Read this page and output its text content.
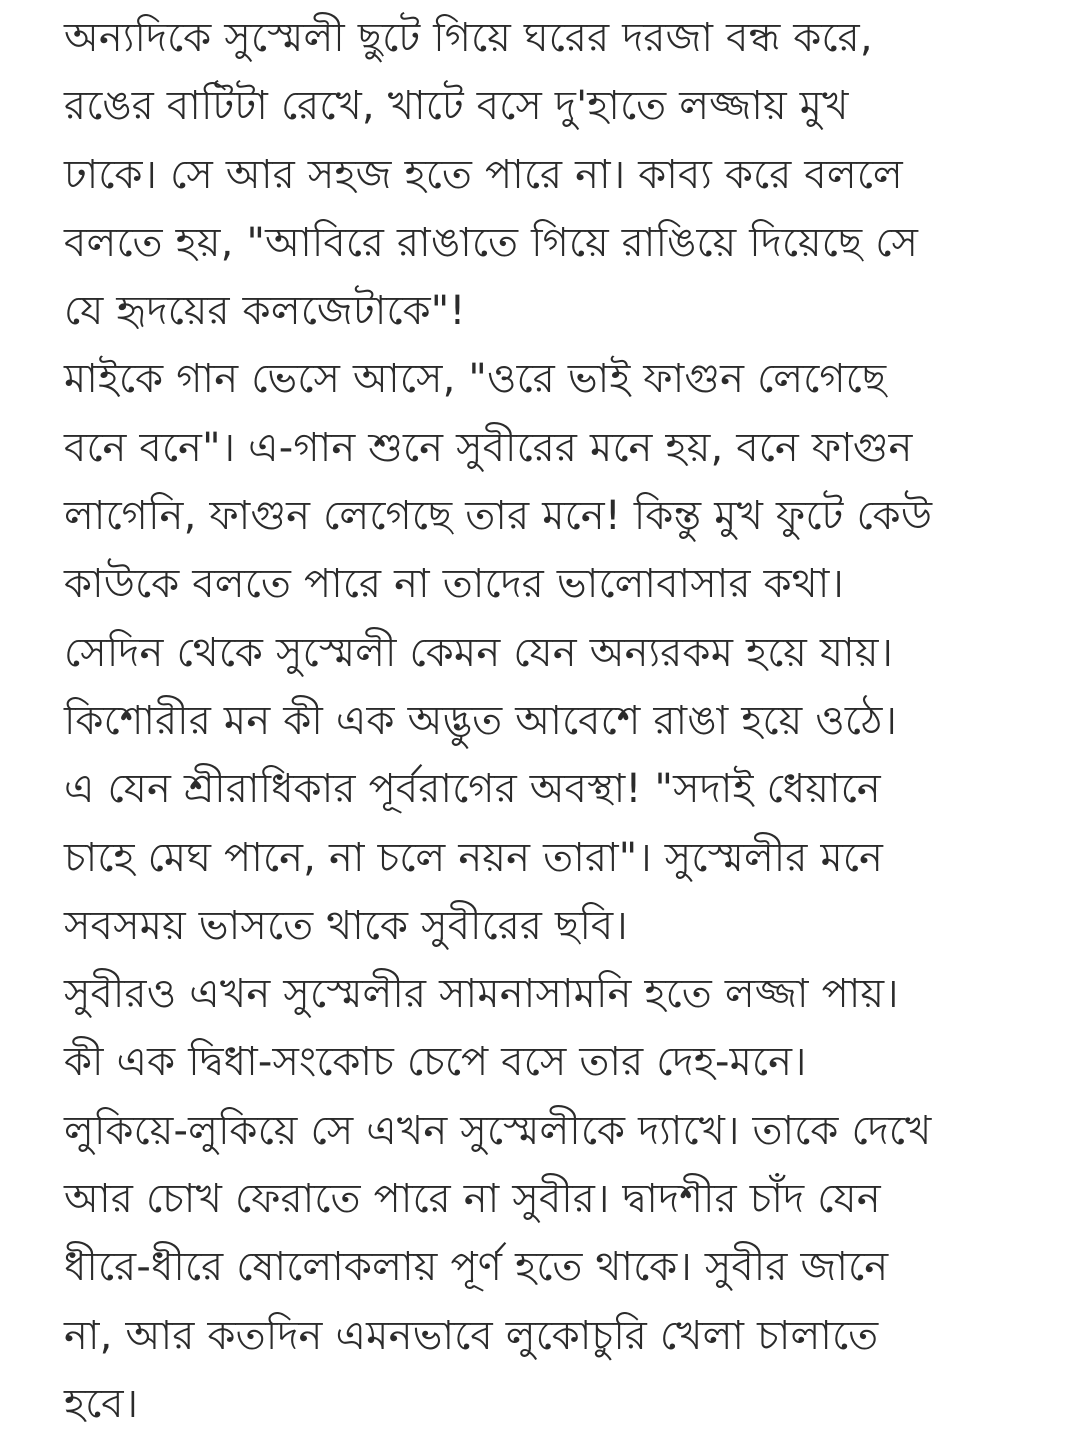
অন্যদিকে সুস্মেলী ছুটে গিয়ে ঘরের দরজা বন্ধ করে,
রঙের বাটিটা রেখে, খাটে বসে দু'হাতে লজ্জায় মুখ
ঢাকে। সে আর সহজ হতে পারে না। কাব্য করে বললে
বলতে হয়, "আবিরে রাঙাতে গিয়ে রাঙিয়ে দিয়েছে সে
যে হৃদয়ের কলজেটাকে"!
মাইকে গান ভেসে আসে, "ওরে ভাই ফাগুন লেগেছে
বনে বনে"। এ-গান শুনে সুবীরের মনে হয়, বনে ফাগুন
লাগেনি, ফাগুন লেগেছে তার মনে! কিন্তু মুখ ফুটে কেউ
কাউকে বলতে পারে না তাদের ভালোবাসার কথা।
সেদিন থেকে সুস্মেলী কেমন যেন অন্যরকম হয়ে যায়।
কিশোরীর মন কী এক অদ্ভুত আবেশে রাঙা হয়ে ওঠে।
এ যেন শ্রীরাধিকার পূর্বরাগের অবস্থা! "সদাই ধেয়ানে
চাহে মেঘ পানে, না চলে নয়ন তারা"। সুস্মেলীর মনে
সবসময় ভাসতে থাকে সুবীরের ছবি।
সুবীরও এখন সুস্মেলীর সামনাসামনি হতে লজ্জা পায়।
কী এক দ্বিধা-সংকোচ চেপে বসে তার দেহ-মনে।
লুকিয়ে-লুকিয়ে সে এখন সুস্মেলীকে দ্যাখে। তাকে দেখে
আর চোখ ফেরাতে পারে না সুবীর। দ্বাদশীর চাঁদ যেন
ধীরে-ধীরে ষোলোকলায় পূর্ণ হতে থাকে। সুবীর জানে
না, আর কতদিন এমনভাবে লুকোচুরি খেলা চালাতে
হবে।
